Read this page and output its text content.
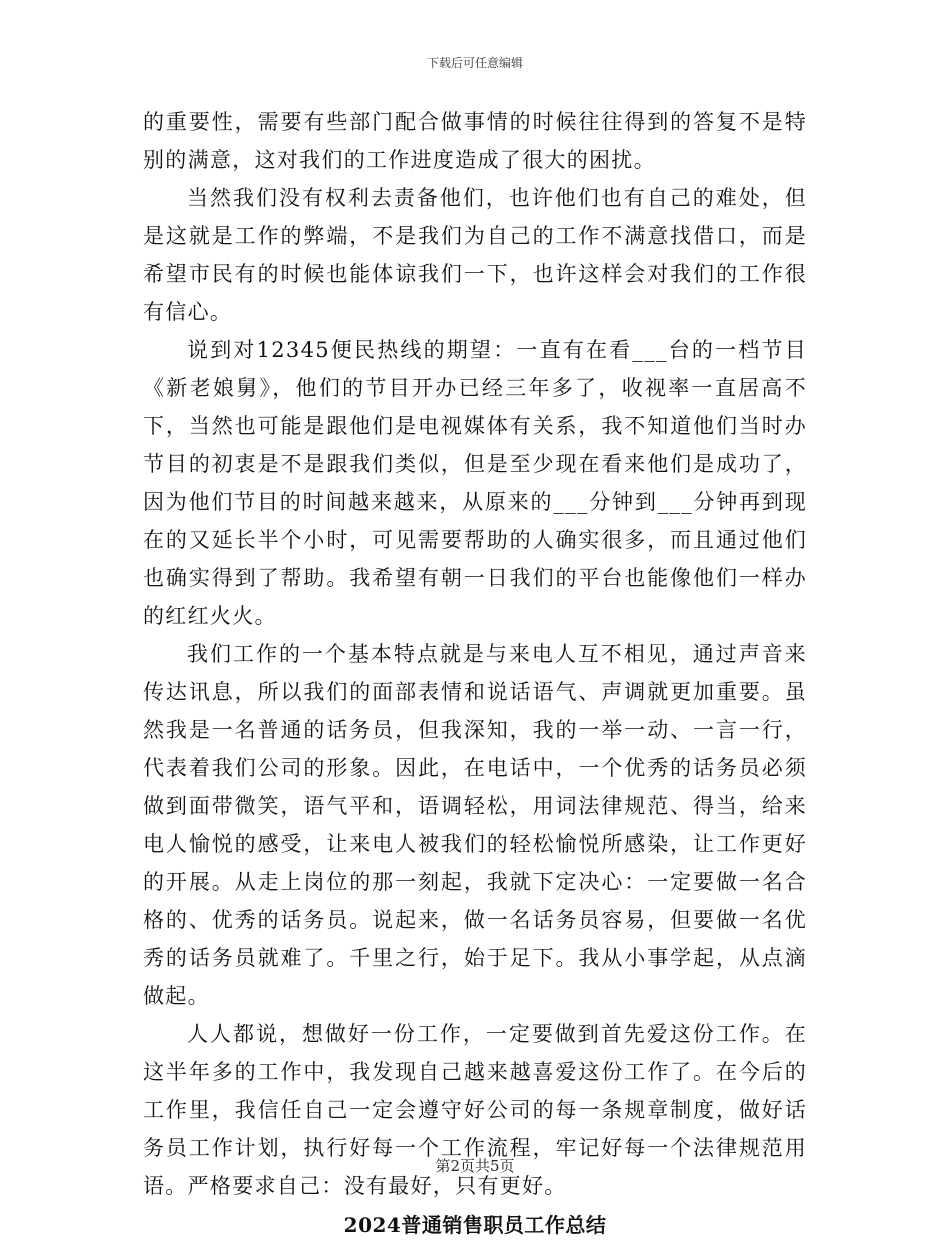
下载后可任意编辑

的重要性，需要有些部门配合做事情的时候往往得到的答复不是特别的满意，这对我们的工作进度造成了很大的困扰。

当然我们没有权利去责备他们，也许他们也有自己的难处，但是这就是工作的弊端，不是我们为自己的工作不满意找借口，而是希望市民有的时候也能体谅我们一下，也许这样会对我们的工作很有信心。

说到对12345便民热线的期望：一直有在看___台的一档节目《新老娘舅》，他们的节目开办已经三年多了，收视率一直居高不下，当然也可能是跟他们是电视媒体有关系，我不知道他们当时办节目的初衷是不是跟我们类似，但是至少现在看来他们是成功了，因为他们节目的时间越来越来，从原来的___分钟到___分钟再到现在的又延长半个小时，可见需要帮助的人确实很多，而且通过他们也确实得到了帮助。我希望有朝一日我们的平台也能像他们一样办的红红火火。

我们工作的一个基本特点就是与来电人互不相见，通过声音来传达讯息，所以我们的面部表情和说话语气、声调就更加重要。虽然我是一名普通的话务员，但我深知，我的一举一动、一言一行，代表着我们公司的形象。因此，在电话中，一个优秀的话务员必须做到面带微笑，语气平和，语调轻松，用词法律规范、得当，给来电人愉悦的感受，让来电人被我们的轻松愉悦所感染，让工作更好的开展。从走上岗位的那一刻起，我就下定决心：一定要做一名合格的、优秀的话务员。说起来，做一名话务员容易，但要做一名优秀的话务员就难了。千里之行，始于足下。我从小事学起，从点滴做起。

人人都说，想做好一份工作，一定要做到首先爱这份工作。在这半年多的工作中，我发现自己越来越喜爱这份工作了。在今后的工作里，我信任自己一定会遵守好公司的每一条规章制度，做好话务员工作计划，执行好每一个工作流程，牢记好每一个法律规范用语。严格要求自己：没有最好，只有更好。

2024普通销售职员工作总结
第2页共5页
